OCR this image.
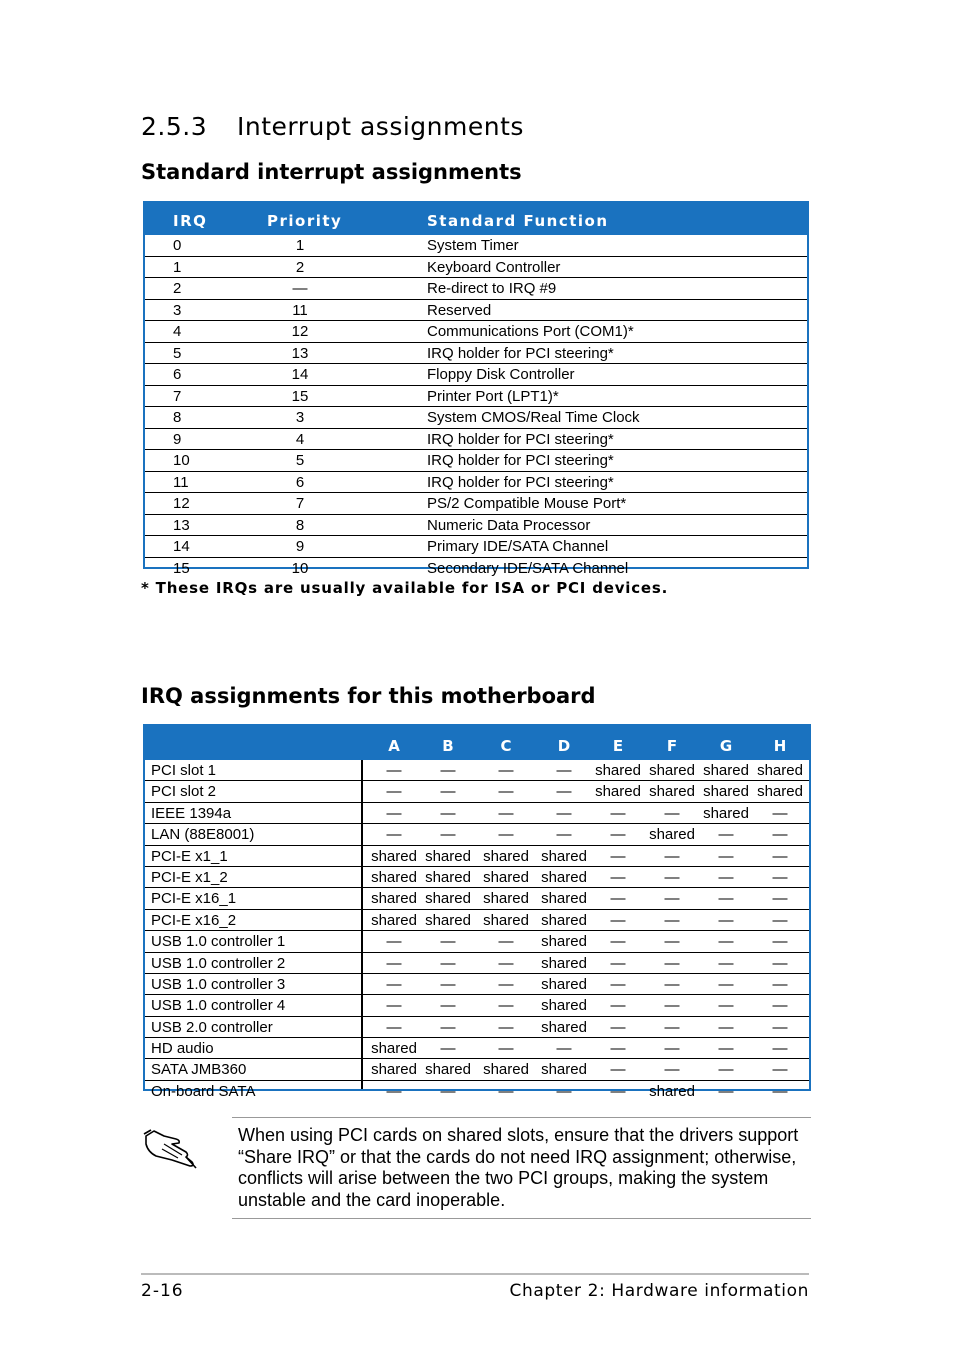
2.5.3 Interrupt assignments
Standard interrupt assignments
IRQ	Priority	Standard Function
0	1	System Timer
1	2	Keyboard Controller
2	—	Re-direct to IRQ #9
3	11	Reserved
4	12	Communications Port (COM1)*
5	13	IRQ holder for PCI steering*
6	14	Floppy Disk Controller
7	15	Printer Port (LPT1)*
8	3	System CMOS/Real Time Clock
9	4	IRQ holder for PCI steering*
10	5	IRQ holder for PCI steering*
11	6	IRQ holder for PCI steering*
12	7	PS/2 Compatible Mouse Port*
13	8	Numeric Data Processor
14	9	Primary IDE/SATA Channel
15	10	Secondary IDE/SATA Channel
* These IRQs are usually available for ISA or PCI devices.
IRQ assignments for this motherboard
A	B	C	D	E	F	G	H
PCI slot 1	—	—	—	—	shared shared shared shared
PCI slot 2	—	—	—	—	shared shared shared shared
IEEE 1394a	—	—	—	—	—	—	shared	—
LAN (88E8001)	—	—	—	—	—	shared	—	—
PCI-E x1_1	shared shared shared shared	—	—	—	—
PCI-E x1_2	shared shared shared shared	—	—	—	—
PCI-E x16_1	shared shared shared shared	—	—	—	—
PCI-E x16_2	shared shared shared shared	—	—	—	—
USB 1.0 controller 1	—	—	—	shared	—	—	—	—
USB 1.0 controller 2	—	—	—	shared	—	—	—	—
USB 1.0 controller 3	—	—	—	shared	—	—	—	—
USB 1.0 controller 4	—	—	—	shared	—	—	—	—
USB 2.0 controller	—	—	—	shared	—	—	—	—
HD audio	shared	—	—	—	—	—	—	—
SATA JMB360	shared shared shared shared	—	—	—	—
On-board SATA	—	—	—	—	—	shared	—	—
When using PCI cards on shared slots, ensure that the drivers support “Share IRQ” or that the cards do not need IRQ assignment; otherwise, conflicts will arise between the two PCI groups, making the system unstable and the card inoperable.
2-16	Chapter 2: Hardware information
